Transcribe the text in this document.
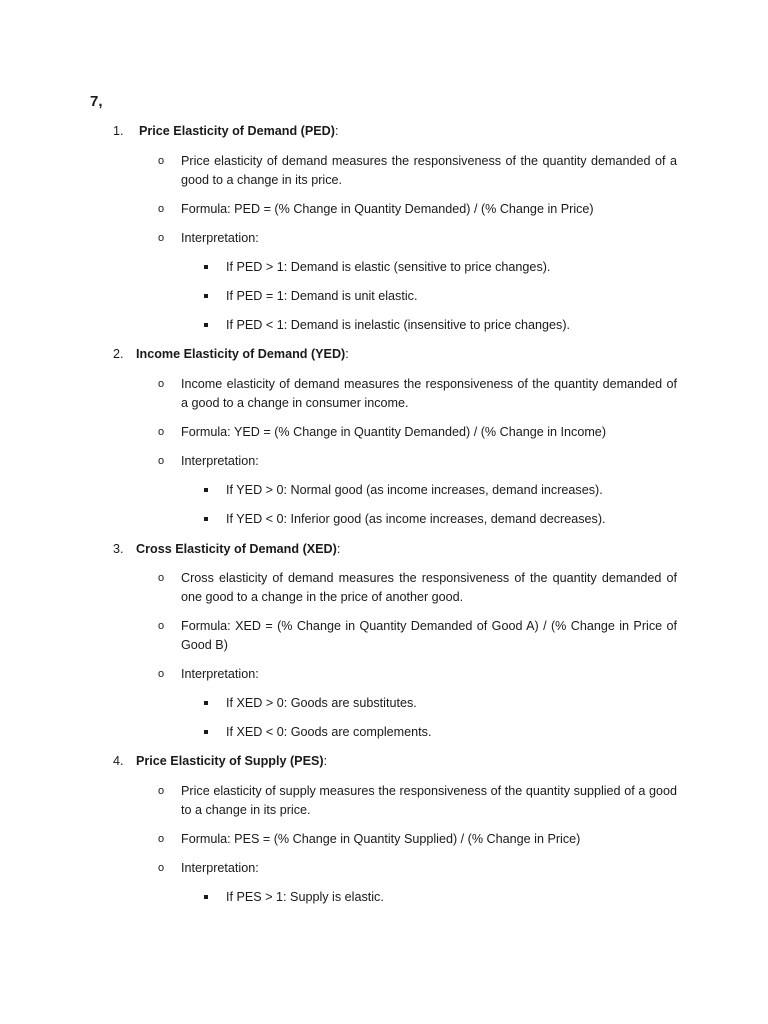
7,
1. Price Elasticity of Demand (PED):
o Price elasticity of demand measures the responsiveness of the quantity demanded of a good to a change in its price.
o Formula: PED = (% Change in Quantity Demanded) / (% Change in Price)
o Interpretation:
If PED > 1: Demand is elastic (sensitive to price changes).
If PED = 1: Demand is unit elastic.
If PED < 1: Demand is inelastic (insensitive to price changes).
2. Income Elasticity of Demand (YED):
o Income elasticity of demand measures the responsiveness of the quantity demanded of a good to a change in consumer income.
o Formula: YED = (% Change in Quantity Demanded) / (% Change in Income)
o Interpretation:
If YED > 0: Normal good (as income increases, demand increases).
If YED < 0: Inferior good (as income increases, demand decreases).
3. Cross Elasticity of Demand (XED):
o Cross elasticity of demand measures the responsiveness of the quantity demanded of one good to a change in the price of another good.
o Formula: XED = (% Change in Quantity Demanded of Good A) / (% Change in Price of Good B)
o Interpretation:
If XED > 0: Goods are substitutes.
If XED < 0: Goods are complements.
4. Price Elasticity of Supply (PES):
o Price elasticity of supply measures the responsiveness of the quantity supplied of a good to a change in its price.
o Formula: PES = (% Change in Quantity Supplied) / (% Change in Price)
o Interpretation:
If PES > 1: Supply is elastic.
